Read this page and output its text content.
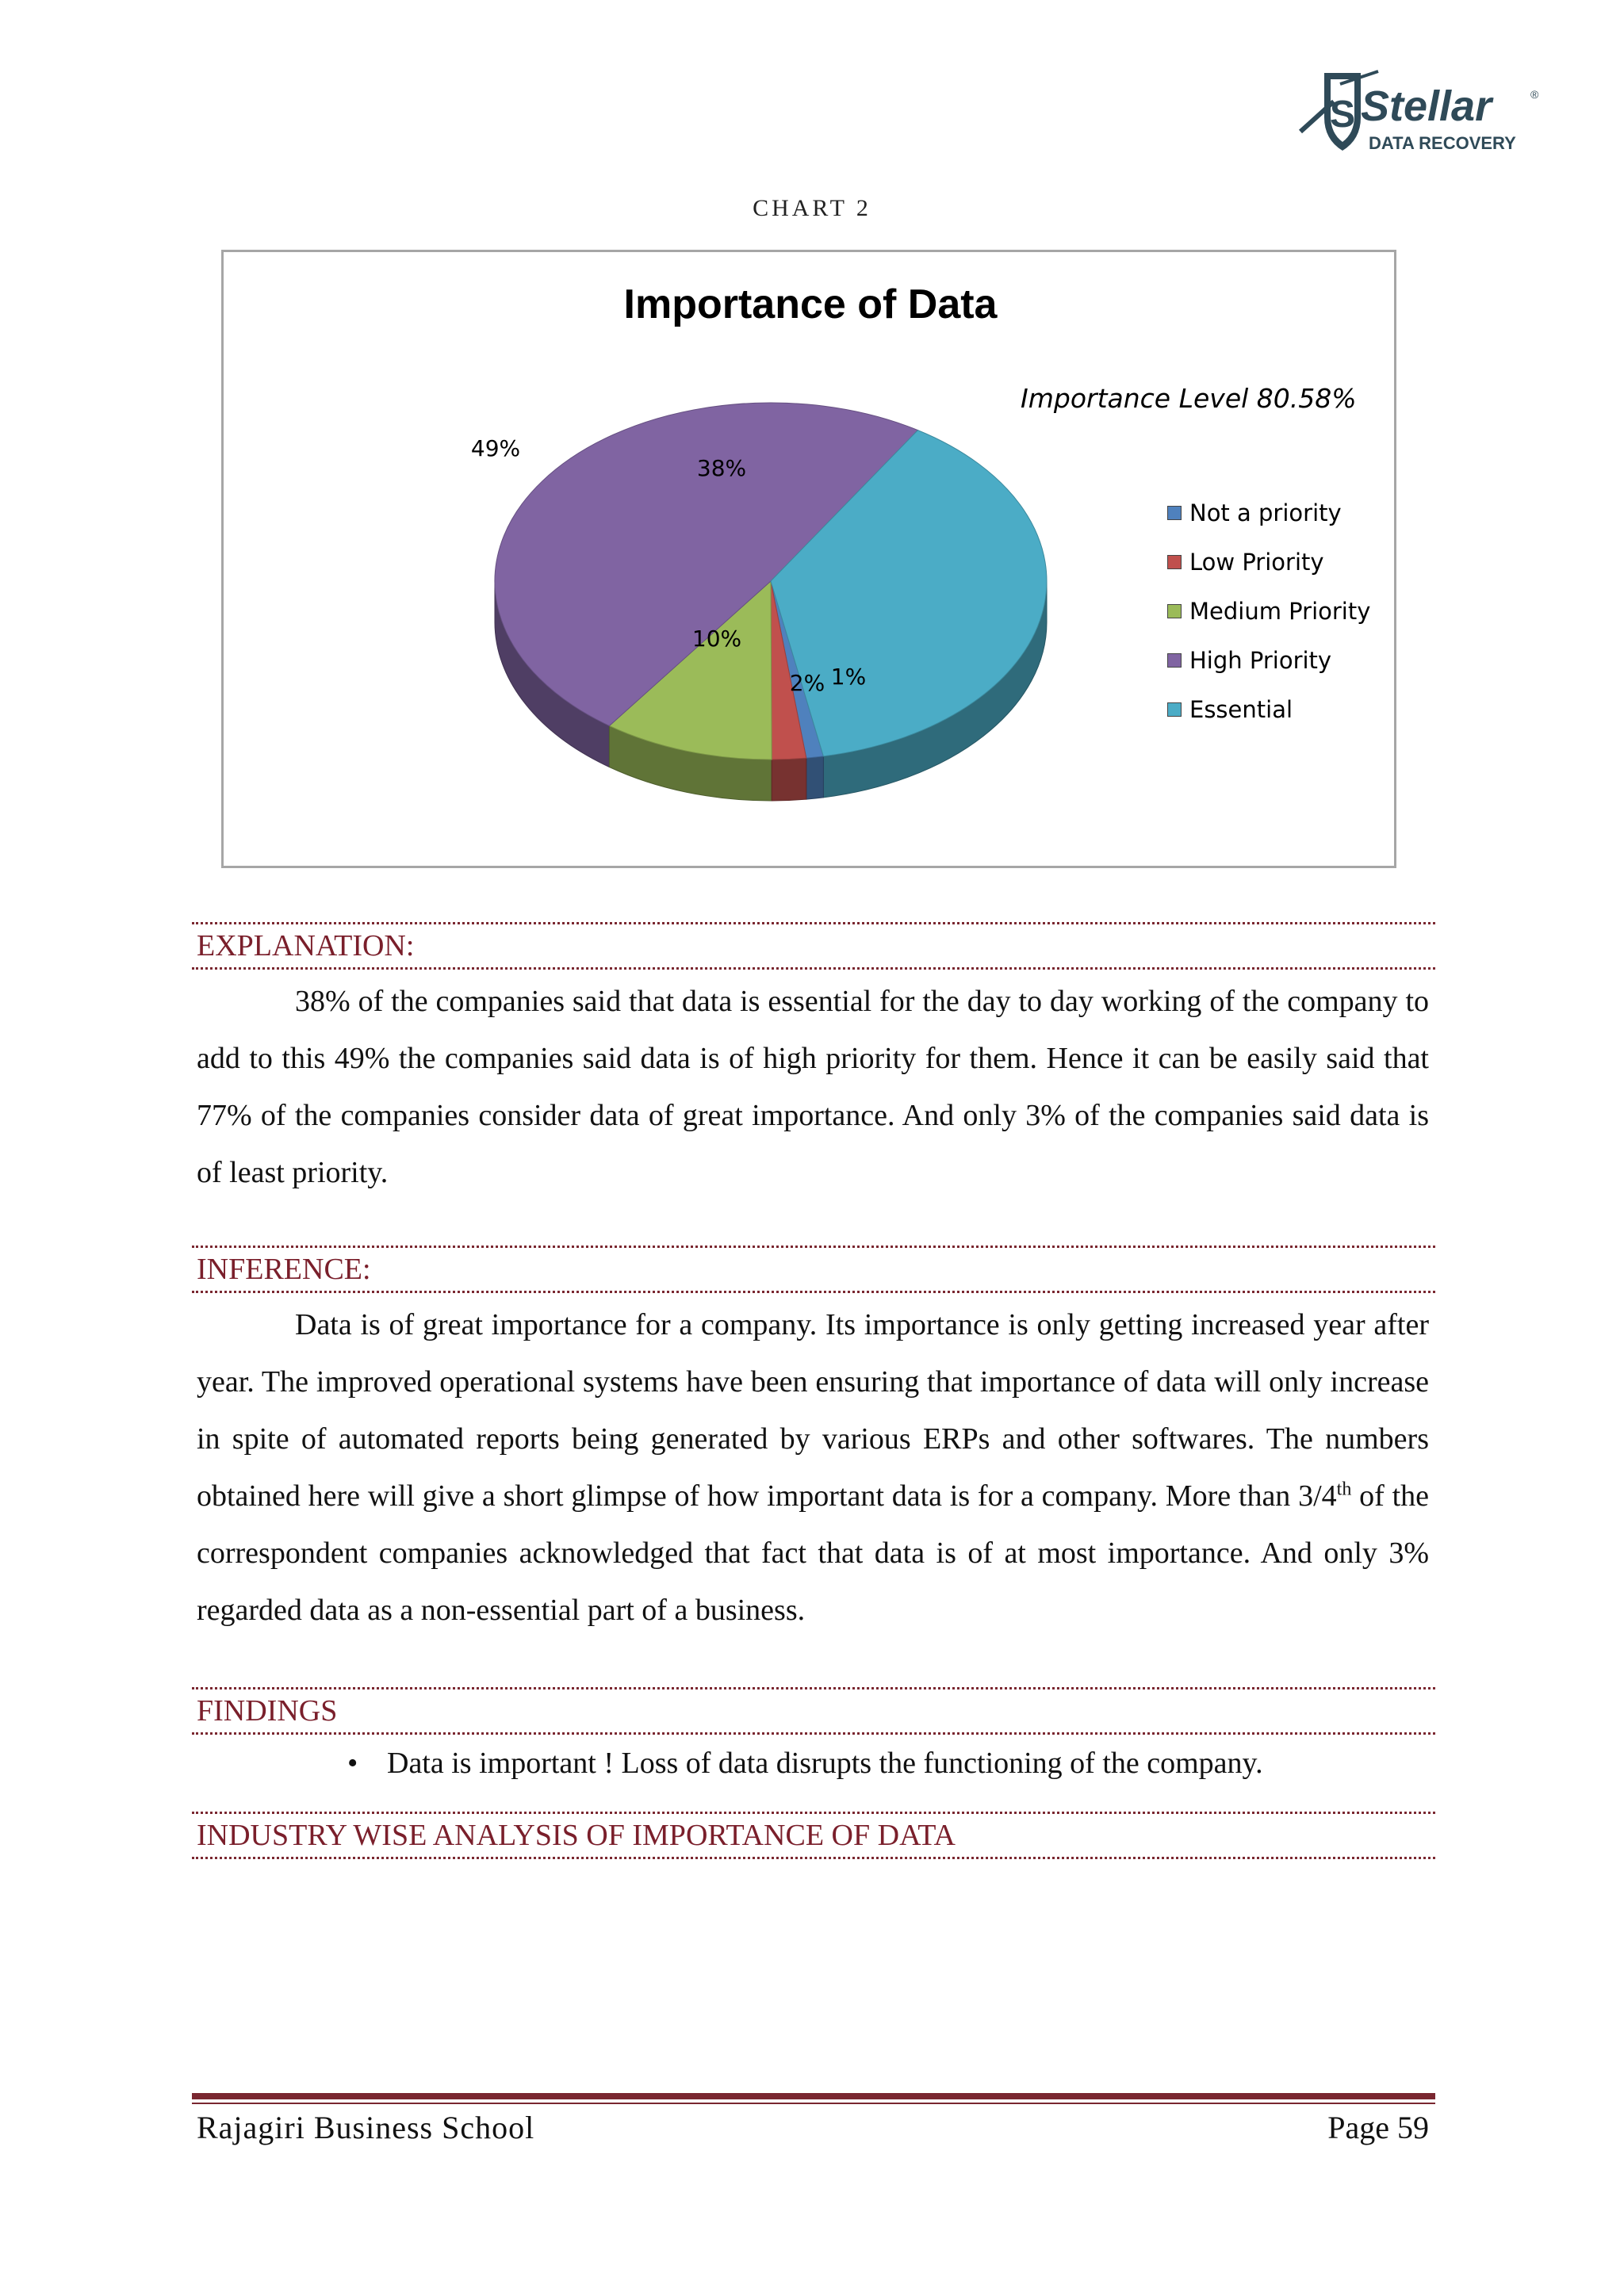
S Stellar	®
DATA RECOVERY
CHART 2
Importance of Data
Importance Level 80.58%
1%
2%
10%
49%
38%
Not a priority
Low Priority
Medium Priority
High Priority
Essential
EXPLANATION:

38% of the companies said that data is essential for the day to day working of the company to add to this 49% the companies said data is of high priority for them. Hence it can be easily said that 77% of the companies consider data of great importance. And only 3% of the companies said data is of least priority.

INFERENCE:

Data is of great importance for a company. Its importance is only getting increased year after year. The improved operational systems have been ensuring that importance of data will only increase in spite of automated reports being generated by various ERPs and other softwares. The numbers obtained here will give a short glimpse of how important data is for a company. More than 3/4th of the correspondent companies acknowledged that fact that data is of at most importance. And only 3% regarded data as a non-essential part of a business.

FINDINGS
• Data is important ! Loss of data disrupts the functioning of the company.
INDUSTRY WISE ANALYSIS OF IMPORTANCE OF DATA
Rajagiri Business School	Page 59
